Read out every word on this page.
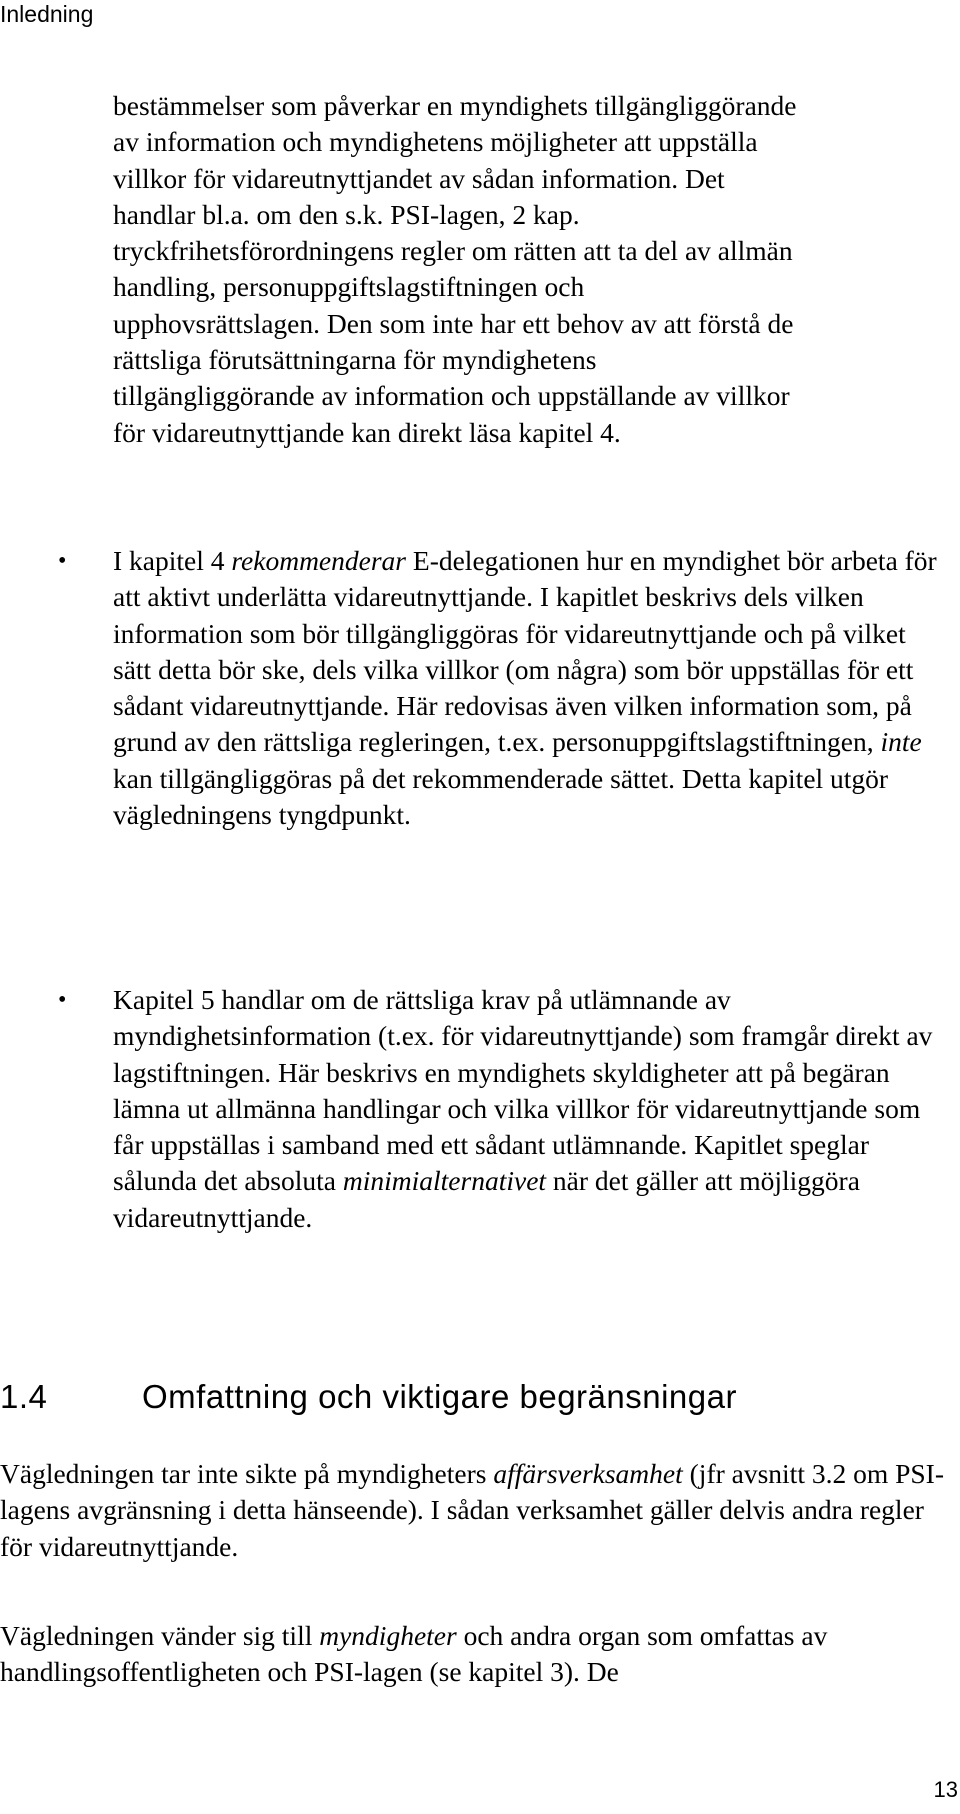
Inledning

bestämmelser som påverkar en myndighets tillgängliggörande
av information och myndighetens möjligheter att uppställa
villkor för vidareutnyttjandet av sådan information. Det
handlar bl.a. om den s.k. PSI-lagen, 2 kap.
tryckfrihetsförordningens regler om rätten att ta del av allmän
handling, personuppgiftslagstiftningen och
upphovsrättslagen. Den som inte har ett behov av att förstå de
rättsliga förutsättningarna för myndighetens
tillgängliggörande av information och uppställande av villkor
för vidareutnyttjande kan direkt läsa kapitel 4.

• I kapitel 4 rekommenderar E-delegationen hur en myndighet bör arbeta för att aktivt underlätta vidareutnyttjande. I kapitlet beskrivs dels vilken information som bör tillgängliggöras för vidareutnyttjande och på vilket sätt detta bör ske, dels vilka villkor (om några) som bör uppställas för ett sådant vidareutnyttjande. Här redovisas även vilken information som, på grund av den rättsliga regleringen, t.ex. personuppgiftslagstiftningen, inte kan tillgängliggöras på det rekommenderade sättet. Detta kapitel utgör vägledningens tyngdpunkt.

• Kapitel 5 handlar om de rättsliga krav på utlämnande av myndighetsinformation (t.ex. för vidareutnyttjande) som framgår direkt av lagstiftningen. Här beskrivs en myndighets skyldigheter att på begäran lämna ut allmänna handlingar och vilka villkor för vidareutnyttjande som får uppställas i samband med ett sådant utlämnande. Kapitlet speglar sålunda det absoluta minimialternativet när det gäller att möjliggöra vidareutnyttjande.

1.4	Omfattning och viktigare begränsningar

Vägledningen tar inte sikte på myndigheters affärsverksamhet (jfr avsnitt 3.2 om PSI-lagens avgränsning i detta hänseende). I sådan verksamhet gäller delvis andra regler för vidareutnyttjande.

Vägledningen vänder sig till myndigheter och andra organ som omfattas av handlingsoffentligheten och PSI-lagen (se kapitel 3). De

13
